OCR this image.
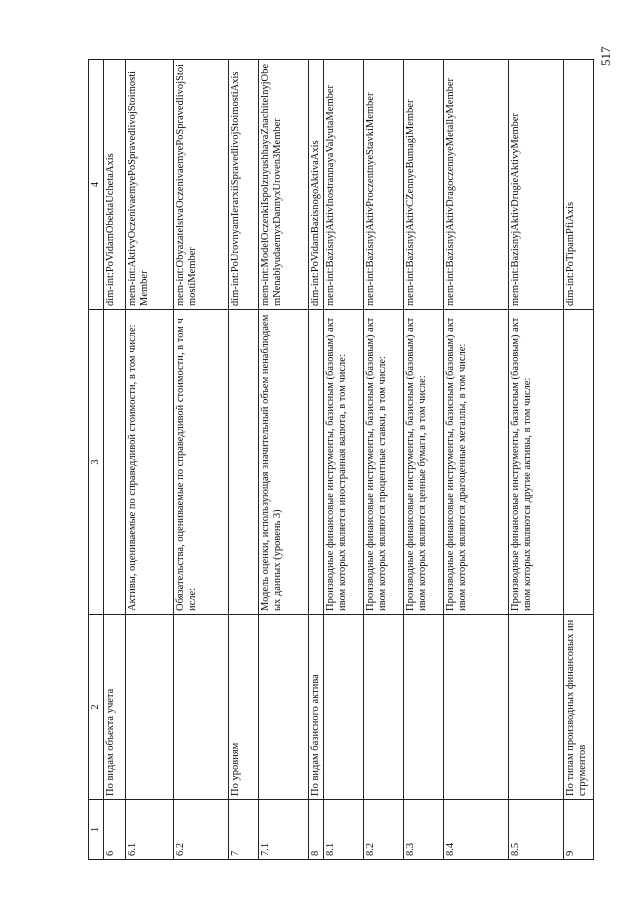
1	2	3	4
6	По видам объекта учета		dim-int:PoVidamObektaUchetaAxis
6.1		Активы, оцениваемые по справедливой стоимости, в том числе:	mem-int:AktivyOczenivaemyePoSpravedlivojStoimostiMember
6.2		Обязательства, оцениваемые по справедливой стоимости, в том числе:	mem-int:ObyazatelstvaOczenivaemyePoSpravedlivojStoimostiMember
7	По уровням		dim-int:PoUrovnyamIerarxiiSpravedlivojStoimostiAxis
7.1		Модель оценки, использующая значительный объем ненаблюдаемых данных (уровень 3)	mem-int:ModelOczenkiIspolzuyushhayaZnachitelnyjObemNenablyudaemyxDannyxUroven3Member
8	По видам базисного актива		dim-int:PoVidamBazisnogoAktivaAxis
8.1		Производные финансовые инструменты, базисным (базовым) активом которых является иностранная валюта, в том числе:	mem-int:BazisnyjAktivInostrannayaValyutaMember
8.2		Производные финансовые инструменты, базисным (базовым) активом которых являются процентные ставки, в том числе:	mem-int:BazisnyjAktivProczentnyeStavkiMember
8.3		Производные финансовые инструменты, базисным (базовым) активом которых являются ценные бумаги, в том числе:	mem-int:BazisnyjAktivCZennyeBumagiMember
8.4		Производные финансовые инструменты, базисным (базовым) активом которых являются драгоценные металлы, в том числе:	mem-int:BazisnyjAktivDragoczennyeMetallyMember
8.5		Производные финансовые инструменты, базисным (базовым) активом которых являются другие активы, в том числе:	mem-int:BazisnyjAktivDrugieAktivyMember
9	По типам производных финансовых инструментов		dim-int:PoTipamPfiAxis
517
